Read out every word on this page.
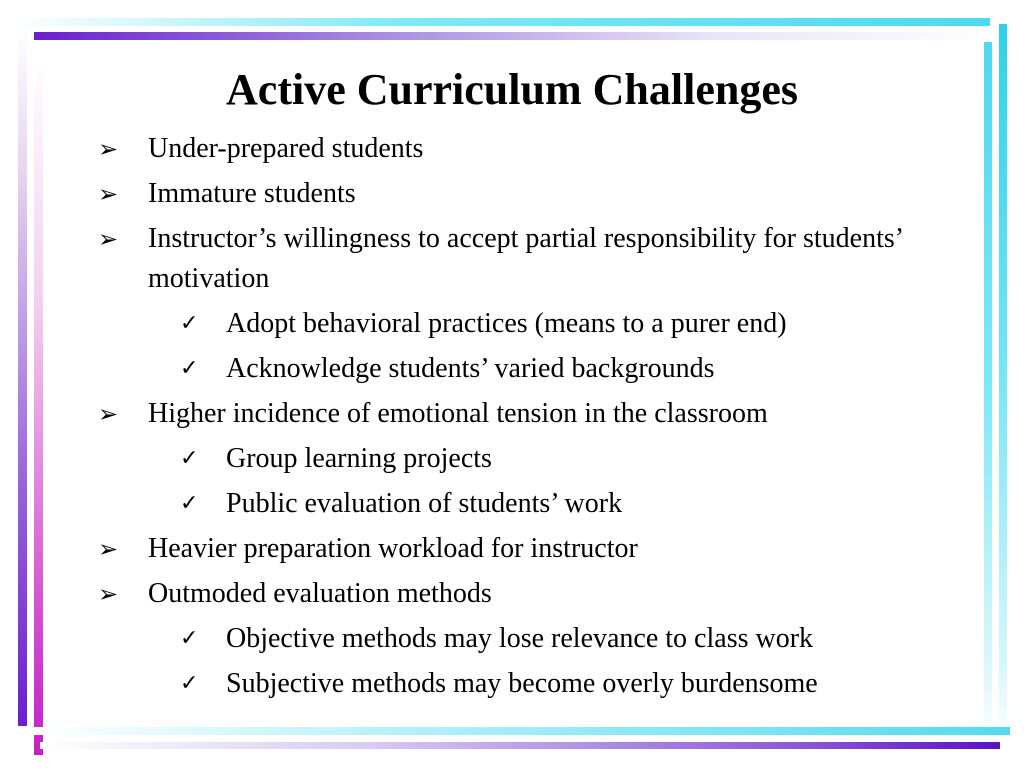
Active Curriculum Challenges
➢ Under-prepared students
➢ Immature students
➢ Instructor’s willingness to accept partial responsibility for students’ motivation
✓ Adopt behavioral practices (means to a purer end)
✓ Acknowledge students’ varied backgrounds
➢ Higher incidence of emotional tension in the classroom
✓ Group learning projects
✓ Public evaluation of students’ work
➢ Heavier preparation workload for instructor
➢ Outmoded evaluation methods
✓ Objective methods may lose relevance to class work
✓ Subjective methods may become overly burdensome
